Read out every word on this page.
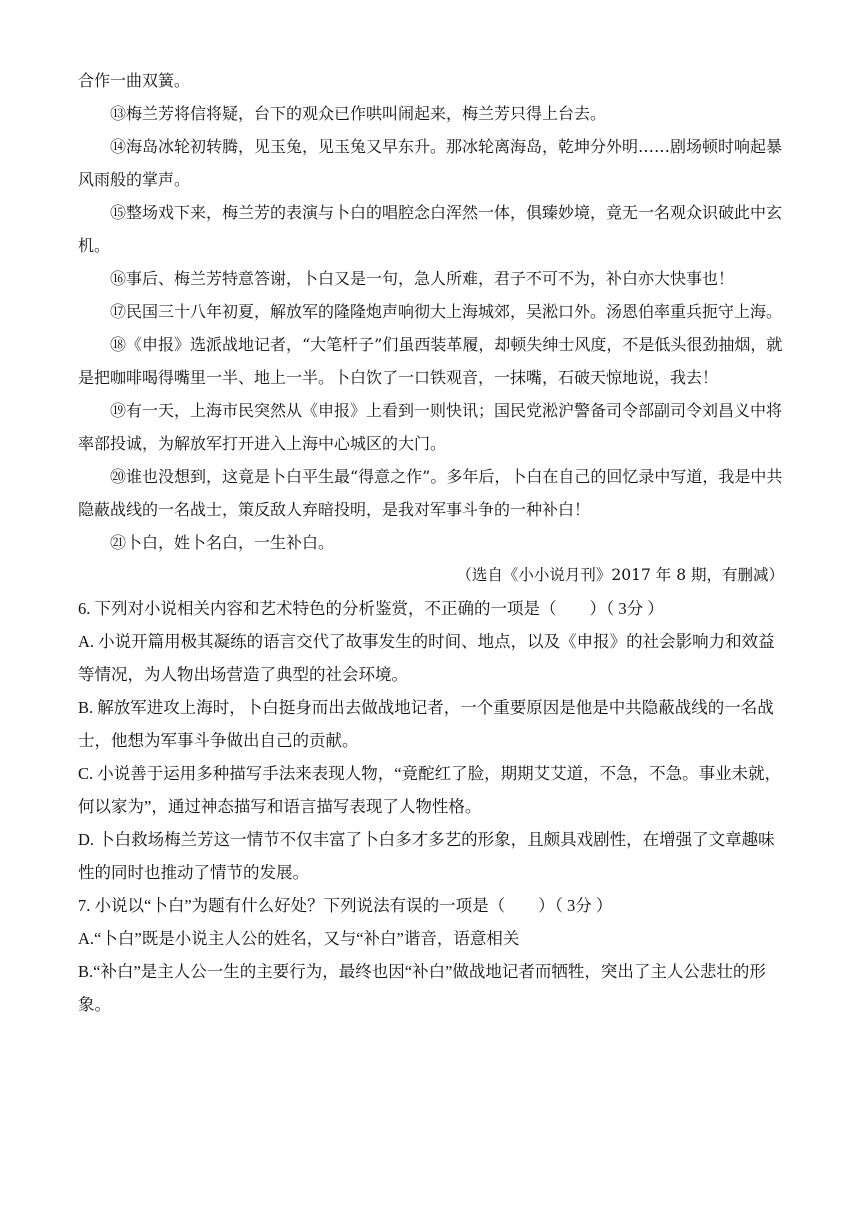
合作一曲双簧。

⑬梅兰芳将信将疑，台下的观众已作哄叫闹起来，梅兰芳只得上台去。

⑭海岛冰轮初转腾，见玉兔，见玉兔又早东升。那冰轮离海岛，乾坤分外明……剧场顿时响起暴风雨般的掌声。

⑮整场戏下来，梅兰芳的表演与卜白的唱腔念白浑然一体，俱臻妙境，竟无一名观众识破此中玄机。

⑯事后、梅兰芳特意答谢，卜白又是一句，急人所难，君子不可不为，补白亦大快事也！

⑰民国三十八年初夏，解放军的隆隆炮声响彻大上海城郊，吴淞口外。汤恩伯率重兵扼守上海。

⑱《申报》选派战地记者，“大笔杆子”们虽西装革履，却顿失绅士风度，不是低头很劲抽烟，就是把咖啡喝得嘴里一半、地上一半。卜白饮了一口铁观音，一抹嘴，石破天惊地说，我去！

⑲有一天，上海市民突然从《申报》上看到一则快讯；国民党淞沪警备司令部副司令刘昌义中将率部投诚，为解放军打开进入上海中心城区的大门。

⑳谁也没想到，这竟是卜白平生最“得意之作”。多年后，卜白在自己的回忆录中写道，我是中共隐蔽战线的一名战士，策反敌人弃暗投明，是我对军事斗争的一种补白！

㉑卜白，姓卜名白，一生补白。

（选自《小小说月刊》2017 年 8 期，有删减）

6. 下列对小说相关内容和艺术特色的分析鉴赏，不正确的一项是（　　）（ 3分 ）

A. 小说开篇用极其凝练的语言交代了故事发生的时间、地点，以及《申报》的社会影响力和效益等情况，为人物出场营造了典型的社会环境。

B. 解放军进攻上海时，卜白挺身而出去做战地记者，一个重要原因是他是中共隐蔽战线的一名战士，他想为军事斗争做出自己的贡献。

C. 小说善于运用多种描写手法来表现人物，“竟酡红了脸，期期艾艾道，不急，不急。事业未就，何以家为”，通过神态描写和语言描写表现了人物性格。

D. 卜白救场梅兰芳这一情节不仅丰富了卜白多才多艺的形象，且颇具戏剧性，在增强了文章趣味性的同时也推动了情节的发展。

7. 小说以“卜白”为题有什么好处？下列说法有误的一项是（　　）（ 3分 ）

A.“卜白”既是小说主人公的姓名，又与“补白”谐音，语意相关

B.“补白”是主人公一生的主要行为，最终也因“补白”做战地记者而牺牲，突出了主人公悲壮的形象。
